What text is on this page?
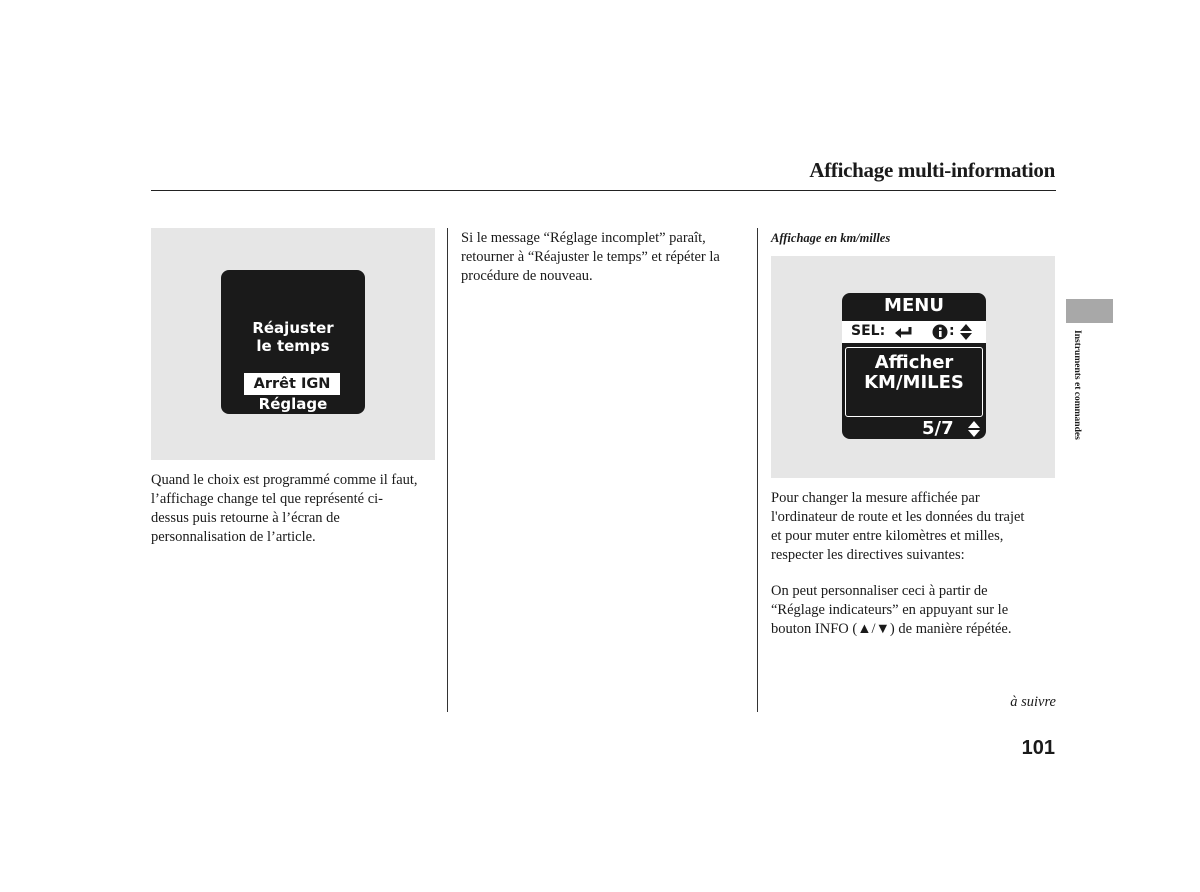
Affichage multi-information
Réajuster
le temps
Arrêt IGN
Réglage
Quand le choix est programmé comme il faut,
l’affichage change tel que représenté ci-
dessus puis retourne à l’écran de
personnalisation de l’article.
Si le message “Réglage incomplet” paraît,
retourner à “Réajuster le temps” et répéter la
procédure de nouveau.
Affichage en km/milles
MENU
SEL:	:
Afficher
KM/MILES
5/7
Pour changer la mesure affichée par
l'ordinateur de route et les données du trajet
et pour muter entre kilomètres et milles,
respecter les directives suivantes:
On peut personnaliser ceci à partir de
“Réglage indicateurs” en appuyant sur le
bouton INFO (▲/▼) de manière répétée.
à suivre
Instruments et commandes
101
